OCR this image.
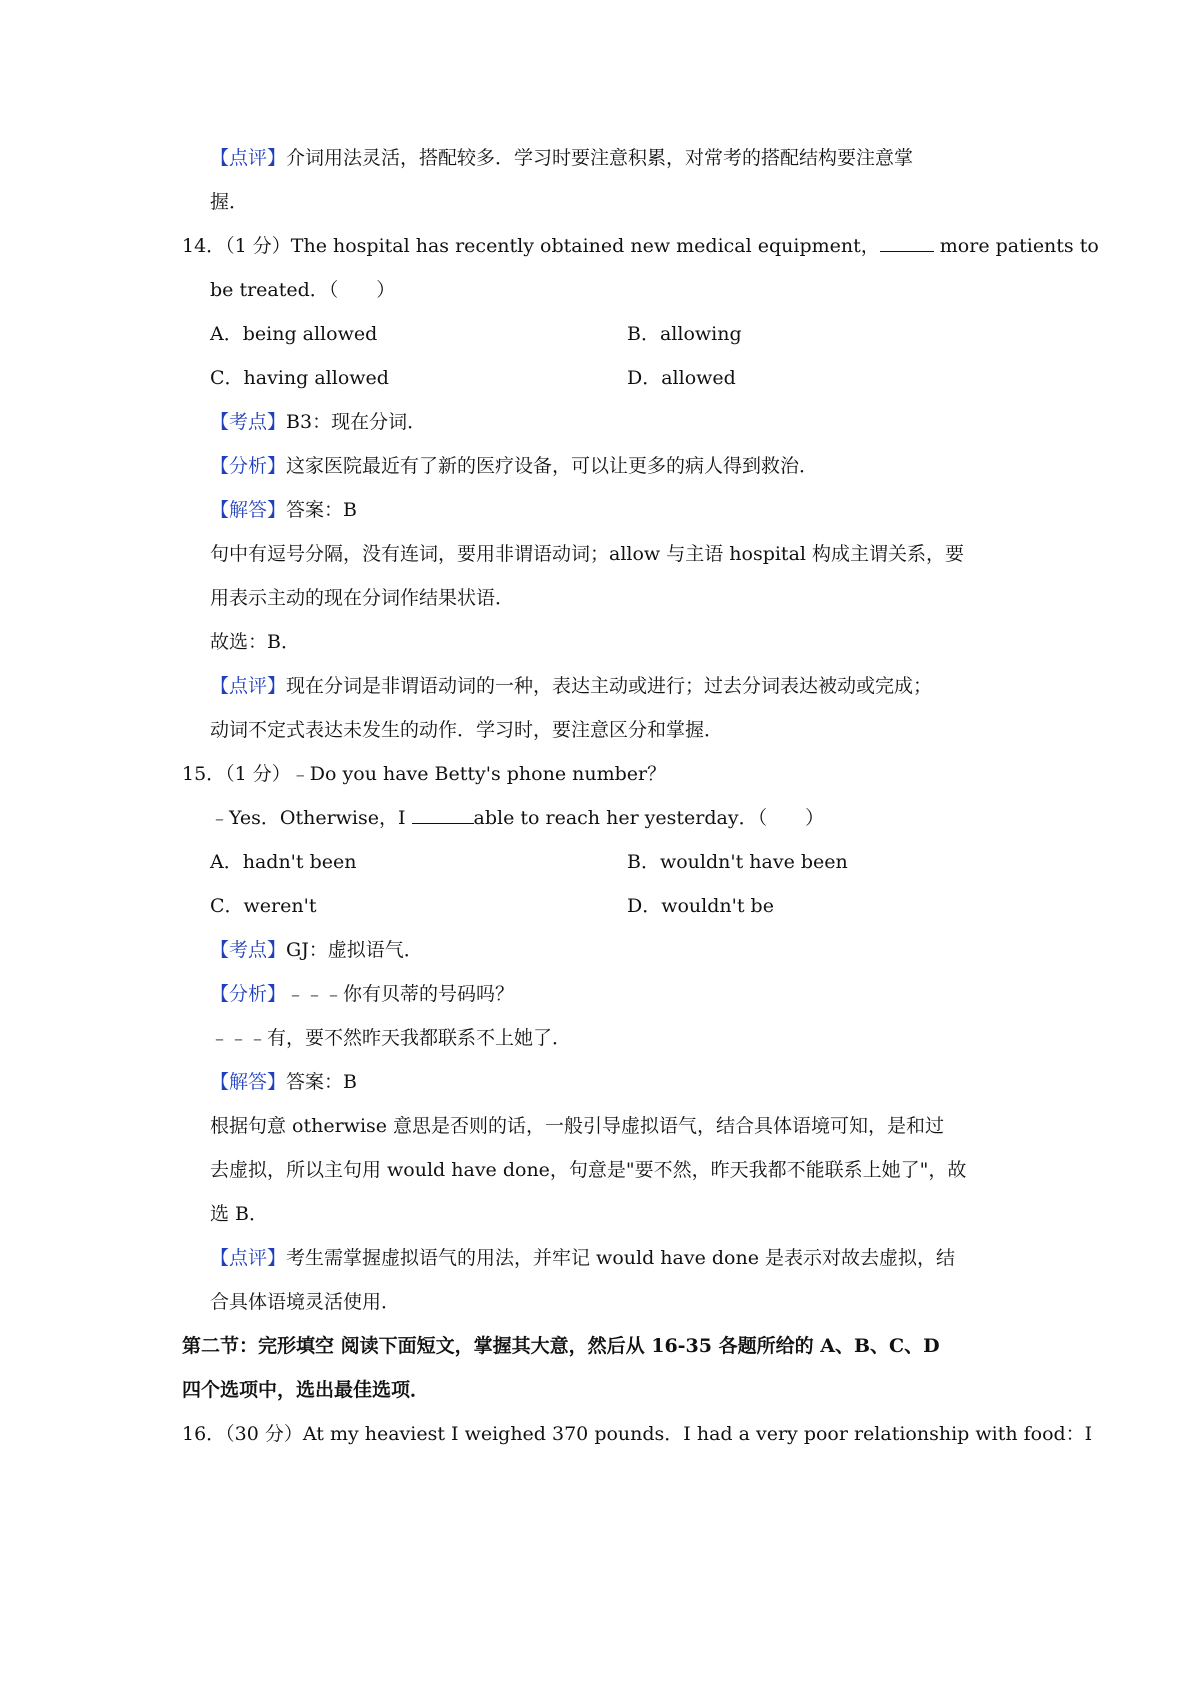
【点评】介词用法灵活，搭配较多．学习时要注意积累，对常考的搭配结构要注意掌
握．
14．（1 分）The hospital has recently obtained new medical equipment，	more patients to
be treated．（　　）
A．being allowed	B．allowing
C．having allowed	D．allowed
【考点】B3：现在分词．
【分析】这家医院最近有了新的医疗设备，可以让更多的病人得到救治．
【解答】答案：B
句中有逗号分隔，没有连词，要用非谓语动词；allow 与主语 hospital 构成主谓关系，要
用表示主动的现在分词作结果状语．
故选：B．
【点评】现在分词是非谓语动词的一种，表达主动或进行；过去分词表达被动或完成；
动词不定式表达未发生的动作．学习时，要注意区分和掌握．
15．（1 分）﹣Do you have Betty's phone number？
﹣Yes．Otherwise，I	able to reach her yesterday．（　　）
A．hadn't been	B．wouldn't have been
C．weren't	D．wouldn't be
【考点】GJ：虚拟语气．
【分析】﹣﹣﹣你有贝蒂的号码吗？
﹣﹣﹣有，要不然昨天我都联系不上她了．
【解答】答案：B
根据句意 otherwise 意思是否则的话，一般引导虚拟语气，结合具体语境可知，是和过
去虚拟，所以主句用 would have done，句意是"要不然，昨天我都不能联系上她了"，故
选 B．
【点评】考生需掌握虚拟语气的用法，并牢记 would have done 是表示对故去虚拟，结
合具体语境灵活使用．
第二节：完形填空 阅读下面短文，掌握其大意，然后从 16-35 各题所给的 A、B、C、D
四个选项中，选出最佳选项．
16．（30 分）At my heaviest I weighed 370 pounds．I had a very poor relationship with food：I
